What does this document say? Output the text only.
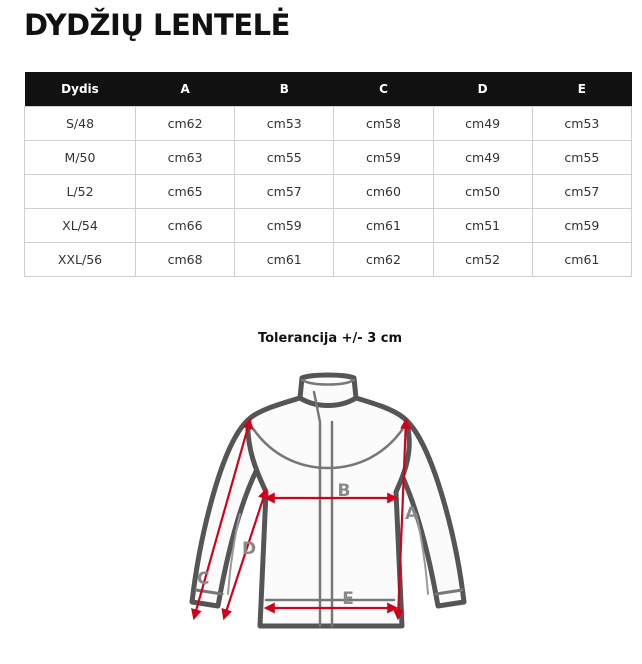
DYDŽIŲ LENTELĖ
Dydis	A	B	C	D	E
S/48	cm62	cm53	cm58	cm49	cm53
M/50	cm63	cm55	cm59	cm49	cm55
L/52	cm65	cm57	cm60	cm50	cm57
XL/54	cm66	cm59	cm61	cm51	cm59
XXL/56	cm68	cm61	cm62	cm52	cm61
Tolerancija +/- 3 cm
B
A
D
C
E
